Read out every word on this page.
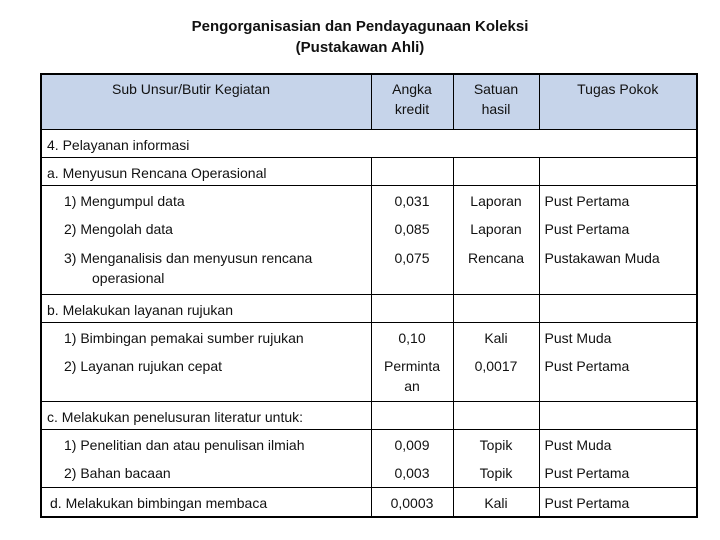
Pengorganisasian dan Pendayagunaan Koleksi
(Pustakawan Ahli)
Sub Unsur/Butir Kegiatan	Angka kredit	Satuan hasil	Tugas Pokok
4. Pelayanan informasi			
a. Menyusun Rencana Operasional			
1) Mengumpul data	0,031	Laporan	Pust Pertama
2) Mengolah data	0,085	Laporan	Pust Pertama

3) Menganalisis dan menyusun rencana operasional	0,075	Rencana	Pustakawan Muda
b. Melakukan layanan rujukan			
1) Bimbingan pemakai sumber rujukan	0,10	Kali	Pust Muda
2) Layanan rujukan cepat	Perminta an	0,0017	Pust Pertama
c. Melakukan penelusuran literatur untuk:			
1) Penelitian dan atau penulisan ilmiah	0,009	Topik	Pust Muda
2) Bahan bacaan	0,003	Topik	Pust Pertama
d. Melakukan bimbingan membaca	0,0003	Kali	Pust Pertama
